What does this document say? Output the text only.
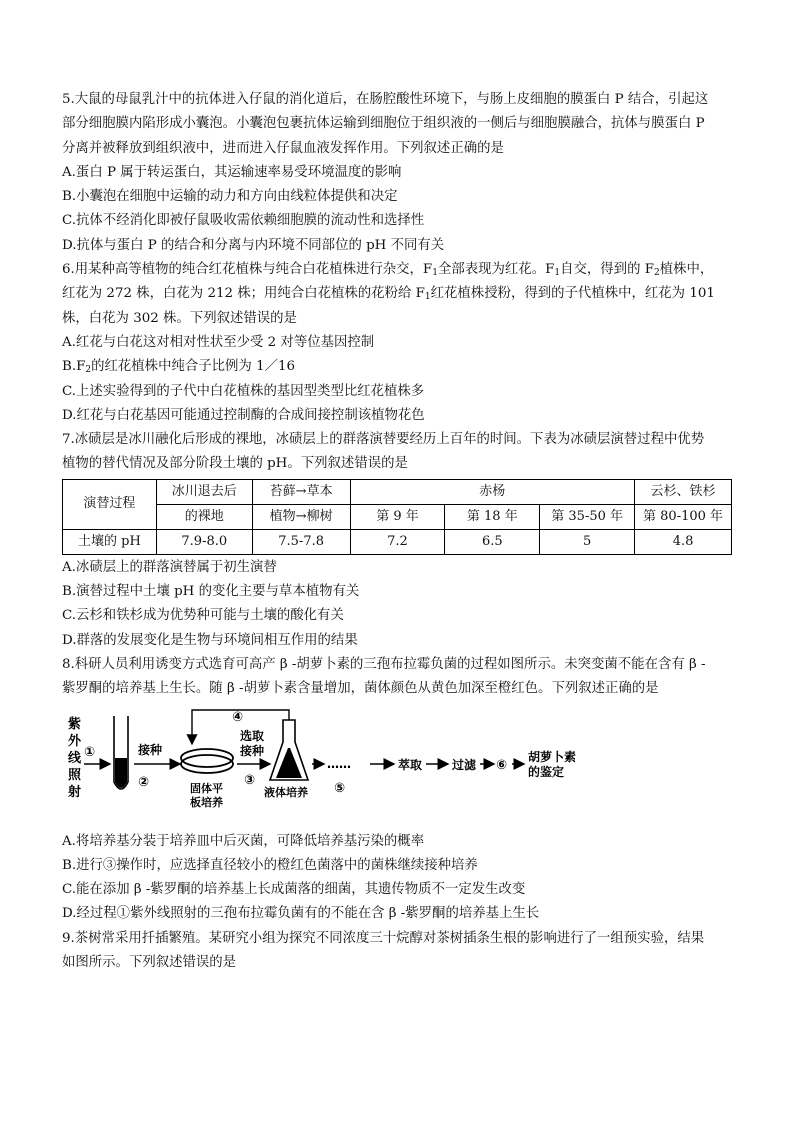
5.大鼠的母鼠乳汁中的抗体进入仔鼠的消化道后，在肠腔酸性环境下，与肠上皮细胞的膜蛋白 P 结合，引起这

部分细胞膜内陷形成小囊泡。小囊泡包裹抗体运输到细胞位于组织液的一侧后与细胞膜融合，抗体与膜蛋白 P

分离并被释放到组织液中，进而进入仔鼠血液发挥作用。下列叙述正确的是

A.蛋白 P 属于转运蛋白，其运输速率易受环境温度的影响

B.小囊泡在细胞中运输的动力和方向由线粒体提供和决定

C.抗体不经消化即被仔鼠吸收需依赖细胞膜的流动性和选择性

D.抗体与蛋白 P 的结合和分离与内环境不同部位的 pH 不同有关

6.用某种高等植物的纯合红花植株与纯合白花植株进行杂交，$F_1$全部表现为红花。$F_1$自交，得到的 $F_2$植株中，

红花为 272 株，白花为 212 株；用纯合白花植株的花粉给 $F_1$红花植株授粉，得到的子代植株中，红花为 101

株，白花为 302 株。下列叙述错误的是

A.红花与白花这对相对性状至少受 2 对等位基因控制

$B.F_2$的红花植株中纯合子比例为 1／16

C.上述实验得到的子代中白花植株的基因型类型比红花植株多

D.红花与白花基因可能通过控制酶的合成间接控制该植物花色

7.冰碛层是冰川融化后形成的裸地，冰碛层上的群落演替要经历上百年的时间。下表为冰碛层演替过程中优势

植物的替代情况及部分阶段土壤的 pH。下列叙述错误的是

演替过程	冰川退去后	苔藓→草本	赤杨			云杉、铁杉
	的裸地	植物→柳树	第 9 年	第 18 年	第 35-50 年	第 80-100 年
土壤的 pH	7.9-8.0	7.5-7.8	7.2	6.5	5	4.8

A.冰碛层上的群落演替属于初生演替

B.演替过程中土壤 pH 的变化主要与草本植物有关

C.云杉和铁杉成为优势种可能与土壤的酸化有关

D.群落的发展变化是生物与环境间相互作用的结果

8.科研人员利用诱变方式选育可高产 β -胡萝卜素的三孢布拉霉负菌的过程如图所示。未突变菌不能在含有 β -

紫罗酮的培养基上生长。随 β -胡萝卜素含量增加，菌体颜色从黄色加深至橙红色。下列叙述正确的是

紫
外
线
照
射
①	接种
②	固体平
板培养
选取
接种
③
液体培养
④
……
⑤
萃取 过滤 ⑥
胡萝卜素
的鉴定

A.将培养基分装于培养皿中后灭菌，可降低培养基污染的概率

B.进行③操作时，应选择直径较小的橙红色菌落中的菌株继续接种培养

C.能在添加 β -紫罗酮的培养基上长成菌落的细菌，其遗传物质不一定发生改变

D.经过程①紫外线照射的三孢布拉霉负菌有的不能在含 β -紫罗酮的培养基上生长

9.茶树常采用扦插繁殖。某研究小组为探究不同浓度三十烷醇对茶树插条生根的影响进行了一组预实验，结果

如图所示。下列叙述错误的是
